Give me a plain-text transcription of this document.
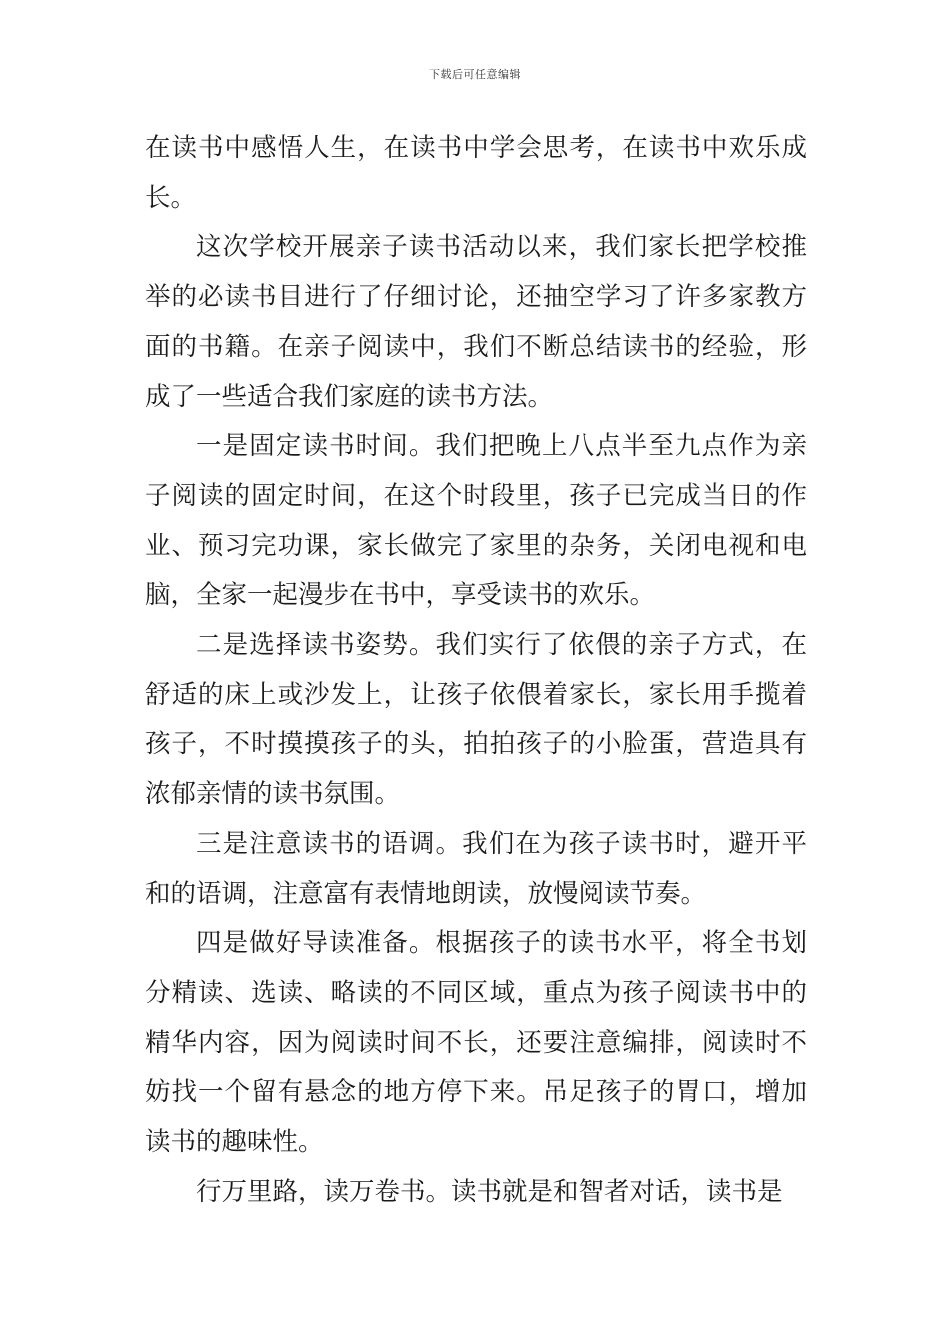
下载后可任意编辑

在读书中感悟人生，在读书中学会思考，在读书中欢乐成长。

这次学校开展亲子读书活动以来，我们家长把学校推举的必读书目进行了仔细讨论，还抽空学习了许多家教方面的书籍。在亲子阅读中，我们不断总结读书的经验，形成了一些适合我们家庭的读书方法。

一是固定读书时间。我们把晚上八点半至九点作为亲子阅读的固定时间，在这个时段里，孩子已完成当日的作业、预习完功课，家长做完了家里的杂务，关闭电视和电脑，全家一起漫步在书中，享受读书的欢乐。

二是选择读书姿势。我们实行了依偎的亲子方式，在舒适的床上或沙发上，让孩子依偎着家长，家长用手揽着孩子，不时摸摸孩子的头，拍拍孩子的小脸蛋，营造具有浓郁亲情的读书氛围。

三是注意读书的语调。我们在为孩子读书时，避开平和的语调，注意富有表情地朗读，放慢阅读节奏。

四是做好导读准备。根据孩子的读书水平，将全书划分精读、选读、略读的不同区域，重点为孩子阅读书中的精华内容，因为阅读时间不长，还要注意编排，阅读时不妨找一个留有悬念的地方停下来。吊足孩子的胃口，增加读书的趣味性。

行万里路，读万卷书。读书就是和智者对话，读书是
